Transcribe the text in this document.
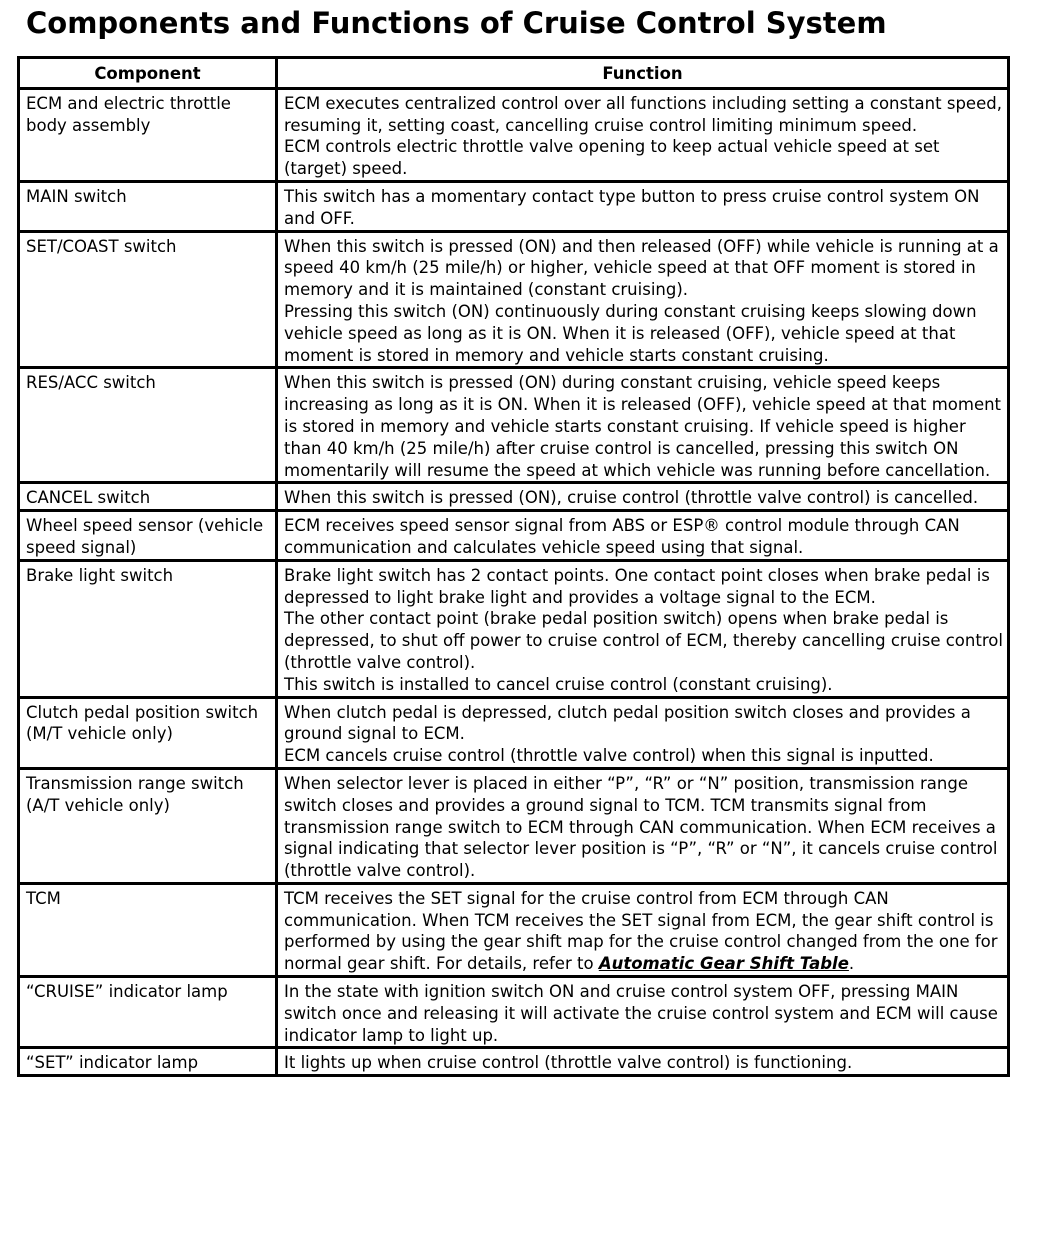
Components and Functions of Cruise Control System
Component	Function
ECM and electric throttle body assembly	ECM executes centralized control over all functions including setting a constant speed, resuming it, setting coast, cancelling cruise control limiting minimum speed.
ECM controls electric throttle valve opening to keep actual vehicle speed at set (target) speed.

MAIN switch	This switch has a momentary contact type button to press cruise control system ON and OFF.

SET/COAST switch	When this switch is pressed (ON) and then released (OFF) while vehicle is running at a speed 40 km/h (25 mile/h) or higher, vehicle speed at that OFF moment is stored in memory and it is maintained (constant cruising).
Pressing this switch (ON) continuously during constant cruising keeps slowing down vehicle speed as long as it is ON. When it is released (OFF), vehicle speed at that moment is stored in memory and vehicle starts constant cruising.

RES/ACC switch	When this switch is pressed (ON) during constant cruising, vehicle speed keeps increasing as long as it is ON. When it is released (OFF), vehicle speed at that moment is stored in memory and vehicle starts constant cruising. If vehicle speed is higher than 40 km/h (25 mile/h) after cruise control is cancelled, pressing this switch ON momentarily will resume the speed at which vehicle was running before cancellation.

CANCEL switch	When this switch is pressed (ON), cruise control (throttle valve control) is cancelled.

Wheel speed sensor (vehicle speed signal)	ECM receives speed sensor signal from ABS or ESP® control module through CAN communication and calculates vehicle speed using that signal.

Brake light switch	Brake light switch has 2 contact points. One contact point closes when brake pedal is depressed to light brake light and provides a voltage signal to the ECM.
The other contact point (brake pedal position switch) opens when brake pedal is depressed, to shut off power to cruise control of ECM, thereby cancelling cruise control (throttle valve control).
This switch is installed to cancel cruise control (constant cruising).

Clutch pedal position switch (M/T vehicle only)	When clutch pedal is depressed, clutch pedal position switch closes and provides a ground signal to ECM.
ECM cancels cruise control (throttle valve control) when this signal is inputted.

Transmission range switch (A/T vehicle only)	When selector lever is placed in either “P”, “R” or “N” position, transmission range switch closes and provides a ground signal to TCM. TCM transmits signal from transmission range switch to ECM through CAN communication. When ECM receives a signal indicating that selector lever position is “P”, “R” or “N”, it cancels cruise control (throttle valve control).

TCM	TCM receives the SET signal for the cruise control from ECM through CAN communication. When TCM receives the SET signal from ECM, the gear shift control is performed by using the gear shift map for the cruise control changed from the one for normal gear shift. For details, refer to Automatic Gear Shift Table.

“CRUISE” indicator lamp	In the state with ignition switch ON and cruise control system OFF, pressing MAIN switch once and releasing it will activate the cruise control system and ECM will cause indicator lamp to light up.

“SET” indicator lamp	It lights up when cruise control (throttle valve control) is functioning.
